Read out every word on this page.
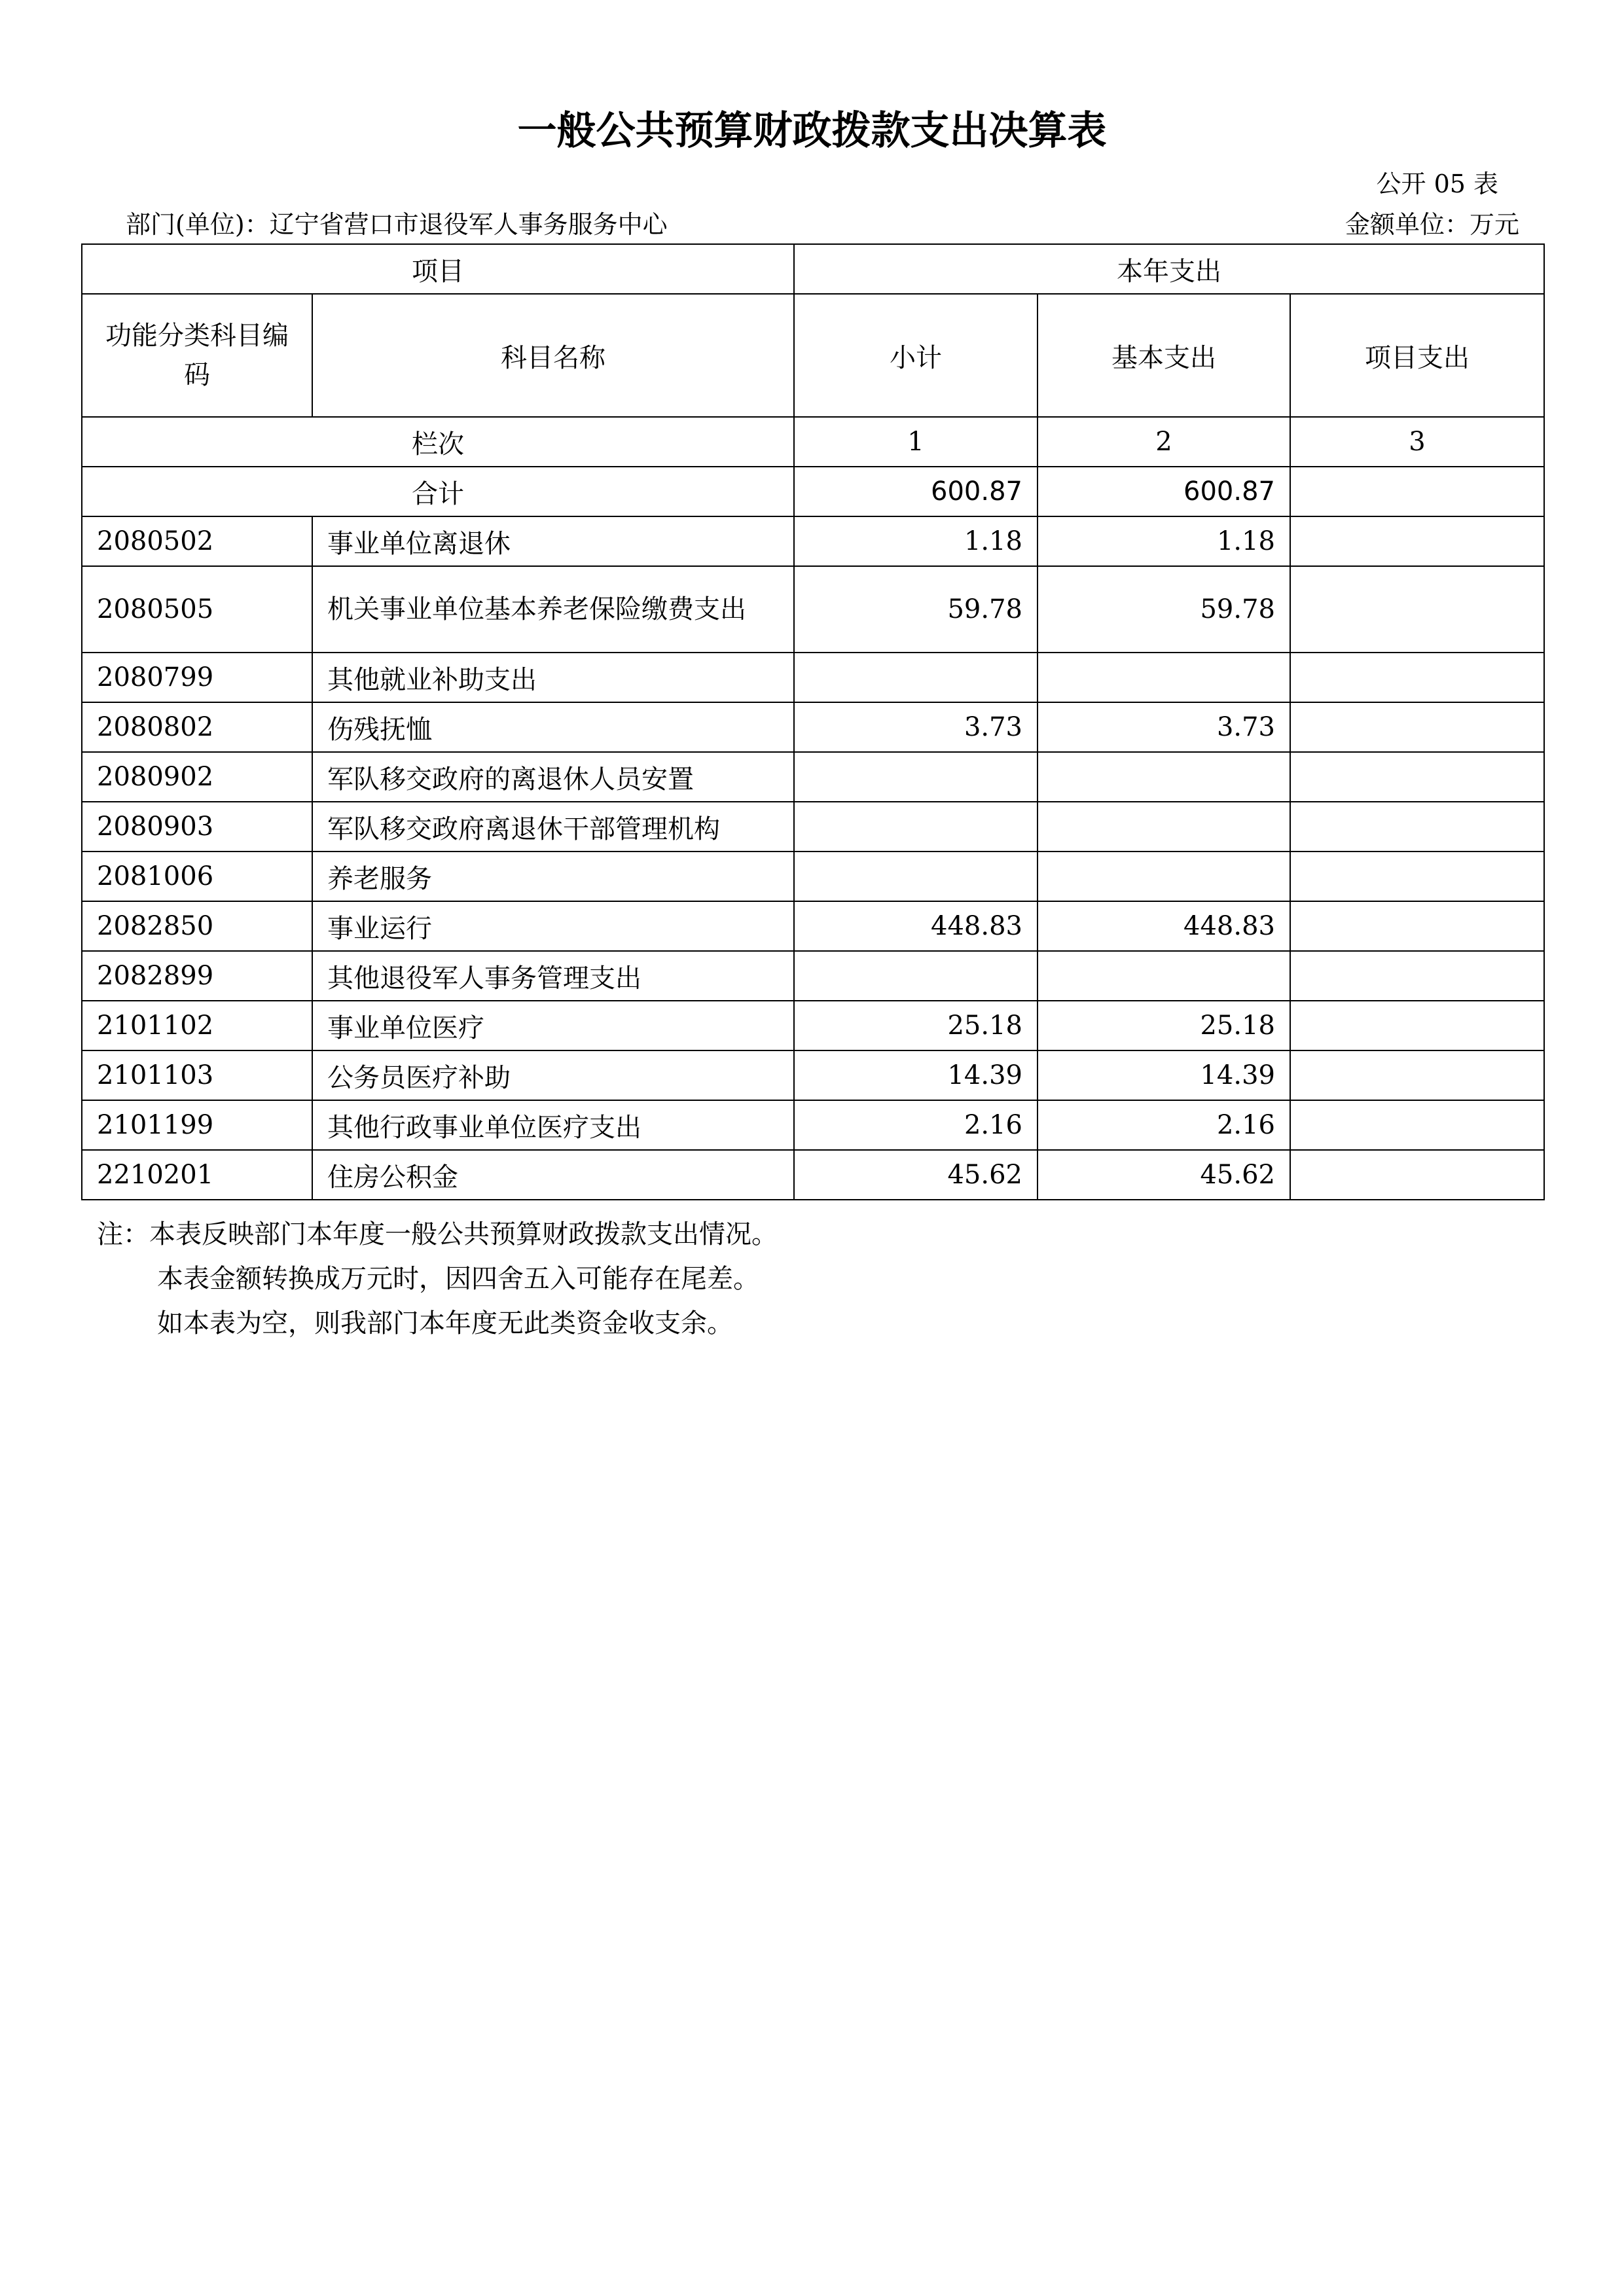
一般公共预算财政拨款支出决算表
公开 05 表
部门(单位)：辽宁省营口市退役军人事务服务中心	金额单位：万元
项目		本年支出		
功能分类科目编码	科目名称	小计	基本支出	项目支出
栏次		1	2	3
合计		600.87	600.87	
2080502	事业单位离退休	1.18	1.18	
2080505	机关事业单位基本养老保险缴费支出	59.78	59.78	
2080799	其他就业补助支出			
2080802	伤残抚恤	3.73	3.73	
2080902	军队移交政府的离退休人员安置			
2080903	军队移交政府离退休干部管理机构			
2081006	养老服务			
2082850	事业运行	448.83	448.83	
2082899	其他退役军人事务管理支出			
2101102	事业单位医疗	25.18	25.18	
2101103	公务员医疗补助	14.39	14.39	
2101199	其他行政事业单位医疗支出	2.16	2.16	
2210201	住房公积金	45.62	45.62	
注：本表反映部门本年度一般公共预算财政拨款支出情况。
本表金额转换成万元时，因四舍五入可能存在尾差。
如本表为空，则我部门本年度无此类资金收支余。
